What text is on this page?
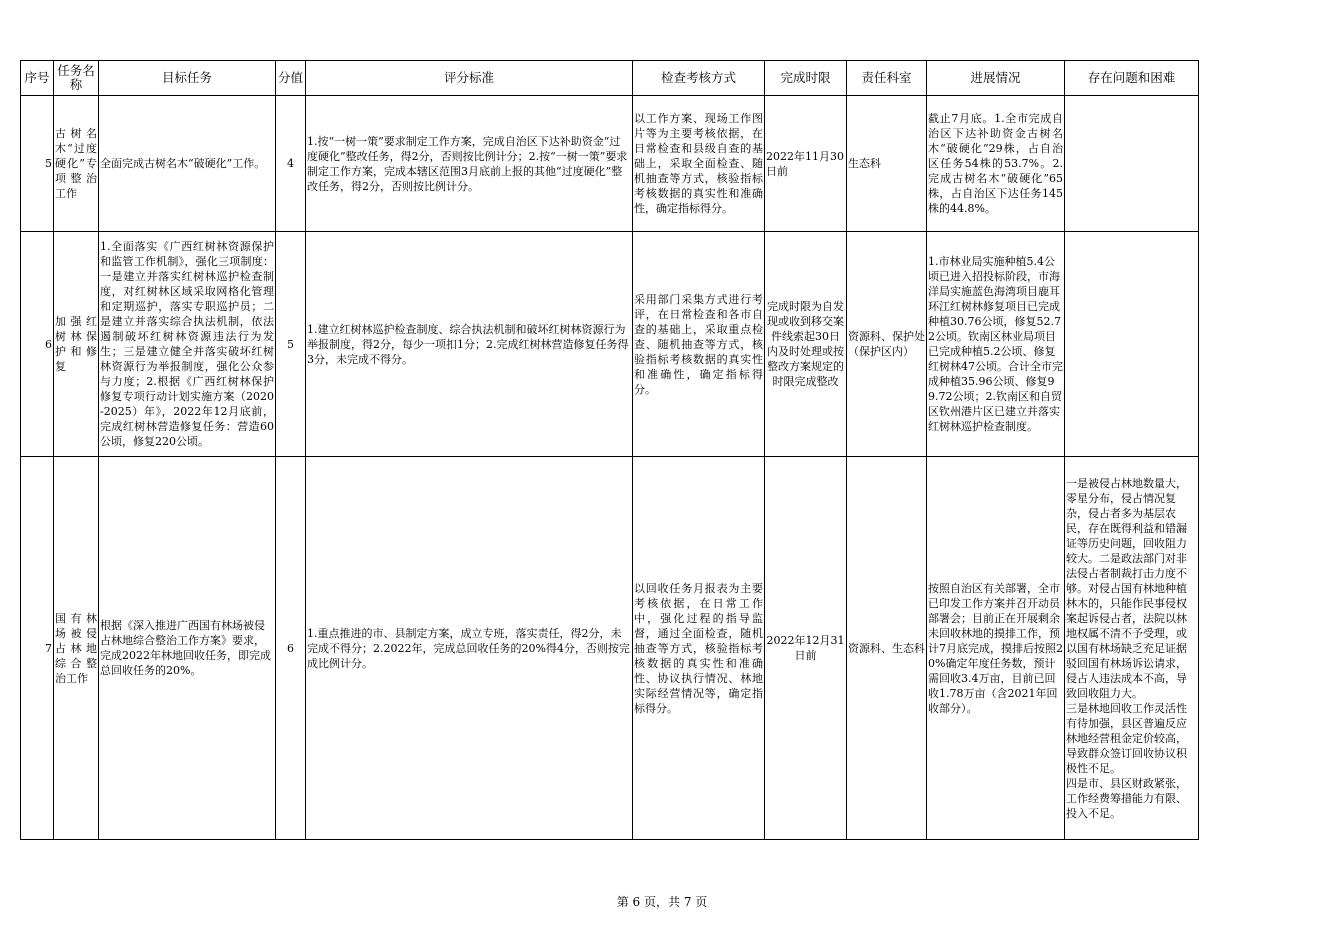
序号	任务名称	目标任务	分值	评分标准	检查考核方式	完成时限	责任科室	进展情况	存在问题和困难
5	古树名木“过度硬化”专项整治工作	全面完成古树名木“破硬化”工作。	4	1.按“一树一策”要求制定工作方案，完成自治区下达补助资金“过度硬化”整改任务，得2分，否则按比例计分；2.按“一树一策”要求制定工作方案，完成本辖区范围3月底前上报的其他“过度硬化”整改任务，得2分，否则按比例计分。	以工作方案、现场工作图片等为主要考核依据，在日常检查和县级自查的基础上，采取全面检查、随机抽查等方式，核验指标考核数据的真实性和准确性，确定指标得分。	2022年11月30日前	生态科	截止7月底。1.全市完成自治区下达补助资金古树名木“破硬化”29株，占自治区任务54株的53.7%。2.完成古树名木“破硬化”65株，占自治区下达任务145株的44.8%。	
6	加强红树林保护和修复	1.全面落实《广西红树林资源保护和监管工作机制》，强化三项制度：一是建立并落实红树林巡护检查制度，对红树林区域采取网格化管理和定期巡护，落实专职巡护员；二是建立并落实综合执法机制，依法遏制破坏红树林资源违法行为发生；三是建立健全并落实破坏红树林资源行为举报制度，强化公众参与力度；2.根据《广西红树林保护修复专项行动计划实施方案（2020-2025）年》，2022年12月底前，完成红树林营造修复任务：营造60公顷，修复220公顷。	5	1.建立红树林巡护检查制度、综合执法机制和破坏红树林资源行为举报制度，得2分，每少一项扣1分；2.完成红树林营造修复任务得3分，未完成不得分。	采用部门采集方式进行考评，在日常检查和各市自查的基础上，采取重点检查、随机抽查等方式，核验指标考核数据的真实性和准确性，确定指标得分。	完成时限为自发现或收到移交案件线索起30日内及时处理或按整改方案规定的时限完成整改	资源科、保护处（保护区内）	1.市林业局实施种植5.4公顷已进入招投标阶段，市海洋局实施蓝色海湾项目鹿耳环江红树林修复项目已完成种植30.76公顷，修复52.72公顷。钦南区林业局项目已完成种植5.2公顷、修复红树林47公顷。合计全市完成种植35.96公顷、修复99.72公顷；2.钦南区和自贸区钦州港片区已建立并落实红树林巡护检查制度。	
7	国有林场被侵占林地综合整治工作	根据《深入推进广西国有林场被侵占林地综合整治工作方案》要求，完成2022年林地回收任务，即完成总回收任务的20%。	6	1.重点推进的市、县制定方案，成立专班，落实责任，得2分，未完成不得分；2.2022年，完成总回收任务的20%得4分，否则按完成比例计分。	以回收任务月报表为主要考核依据，在日常工作中，强化过程的指导监督，通过全面检查，随机抽查等方式，核验指标考核数据的真实性和准确性、协议执行情况、林地实际经营情况等，确定指标得分。	2022年12月31日前	资源科、生态科	按照自治区有关部署，全市已印发工作方案并召开动员部署会；目前正在开展剩余未回收林地的摸排工作，预计7月底完成，摸排后按照20%确定年度任务数，预计需回收3.4万亩，目前已回收1.78万亩（含2021年回收部分）。	一是被侵占林地数量大，零星分布，侵占情况复杂，侵占者多为基层农民，存在既得利益和错漏证等历史问题，回收阻力较大。二是政法部门对非法侵占者制裁打击力度不够。对侵占国有林地种植林木的，只能作民事侵权案起诉侵占者，法院以林地权属不清不予受理，或以国有林场缺乏充足证据驳回国有林场诉讼请求，侵占人违法成本不高，导致回收阻力大。
三是林地回收工作灵活性有待加强，县区普遍反应林地经营租金定价较高，导致群众签订回收协议积极性不足。
四是市、县区财政紧张，工作经费筹措能力有限、投入不足。
第 6 页，共 7 页
